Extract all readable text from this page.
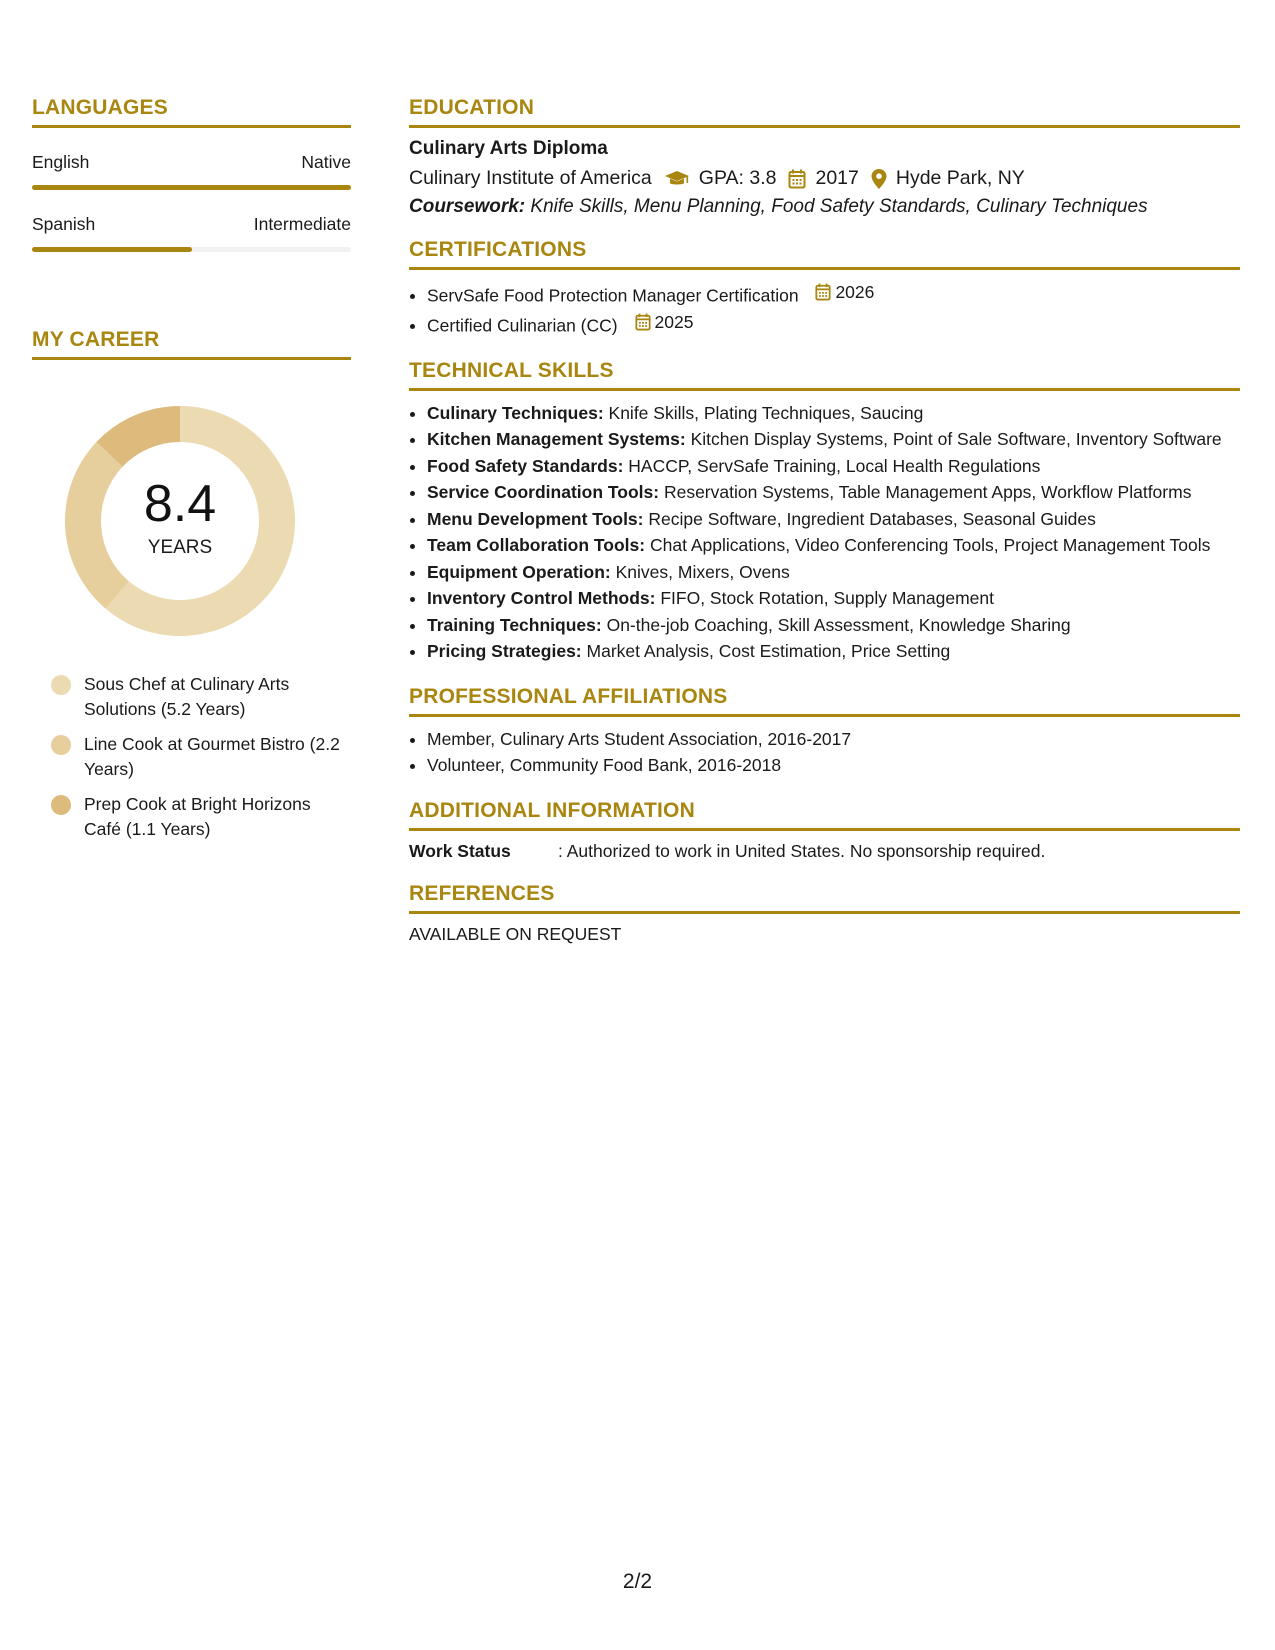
LANGUAGES
English	Native
Spanish	Intermediate
MY CAREER
8.4
YEARS
Sous Chef at Culinary Arts Solutions (5.2 Years)
Line Cook at Gourmet Bistro (2.2 Years)
Prep Cook at Bright Horizons Café (1.1 Years)
EDUCATION
Culinary Arts Diploma
Culinary Institute of America GPA: 3.8 2017 Hyde Park, NY
Coursework: Knife Skills, Menu Planning, Food Safety Standards, Culinary Techniques
CERTIFICATIONS
• ServSafe Food Protection Manager Certification 2026
• Certified Culinarian (CC) 2025
TECHNICAL SKILLS
• Culinary Techniques: Knife Skills, Plating Techniques, Saucing
• Kitchen Management Systems: Kitchen Display Systems, Point of Sale Software, Inventory Software
• Food Safety Standards: HACCP, ServSafe Training, Local Health Regulations
• Service Coordination Tools: Reservation Systems, Table Management Apps, Workflow Platforms
• Menu Development Tools: Recipe Software, Ingredient Databases, Seasonal Guides
• Team Collaboration Tools: Chat Applications, Video Conferencing Tools, Project Management Tools
• Equipment Operation: Knives, Mixers, Ovens
• Inventory Control Methods: FIFO, Stock Rotation, Supply Management
• Training Techniques: On-the-job Coaching, Skill Assessment, Knowledge Sharing
• Pricing Strategies: Market Analysis, Cost Estimation, Price Setting
PROFESSIONAL AFFILIATIONS
• Member, Culinary Arts Student Association, 2016-2017
• Volunteer, Community Food Bank, 2016-2018
ADDITIONAL INFORMATION
Work Status	: Authorized to work in United States. No sponsorship required.
REFERENCES
AVAILABLE ON REQUEST
2/2
